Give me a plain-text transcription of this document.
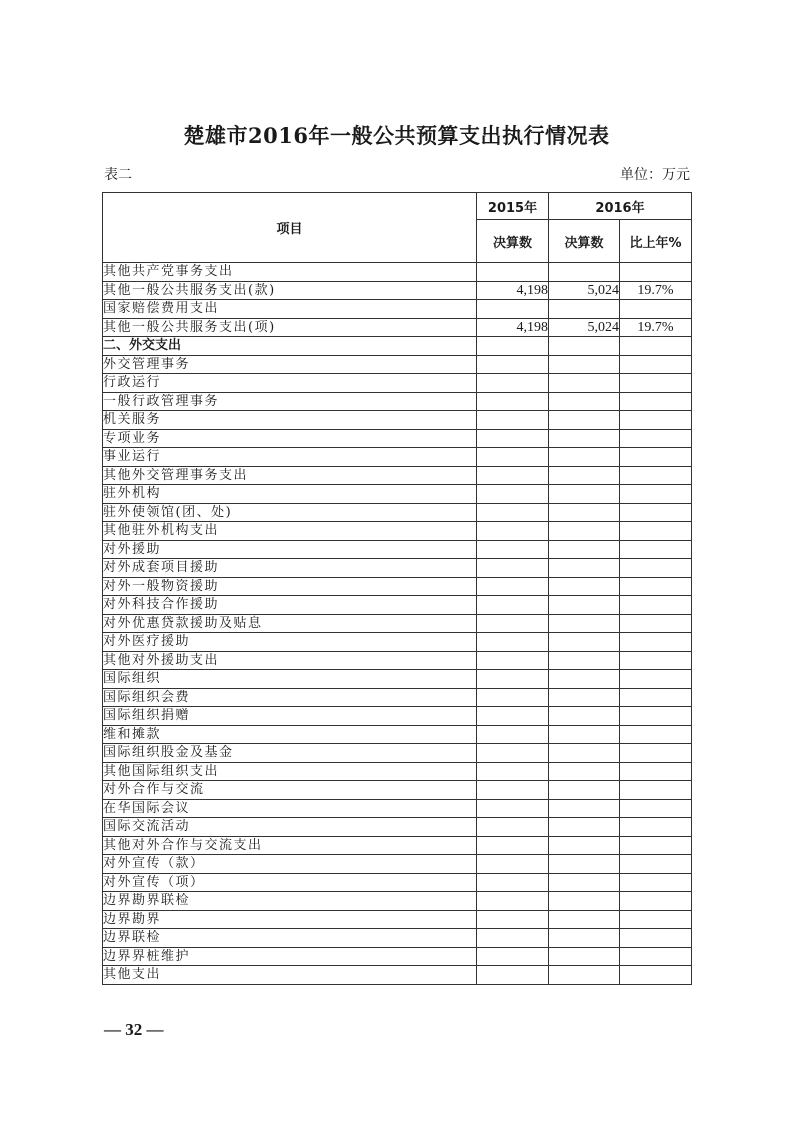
楚雄市2016年一般公共预算支出执行情况表
表二	单位：万元
项目	2015年	2016年	
	决算数	决算数	比上年%
其他共产党事务支出			
其他一般公共服务支出(款)	4,198	5,024	19.7%
国家赔偿费用支出			
其他一般公共服务支出(项)	4,198	5,024	19.7%
二、外交支出			
外交管理事务			
行政运行			
一般行政管理事务			
机关服务			
专项业务			
事业运行			
其他外交管理事务支出			
驻外机构			
驻外使领馆(团、处)			
其他驻外机构支出			
对外援助			
对外成套项目援助			
对外一般物资援助			
对外科技合作援助			
对外优惠贷款援助及贴息			
对外医疗援助			
其他对外援助支出			
国际组织			
国际组织会费			
国际组织捐赠			
维和摊款			
国际组织股金及基金			
其他国际组织支出			
对外合作与交流			
在华国际会议			
国际交流活动			
其他对外合作与交流支出			
对外宣传（款）			
对外宣传（项）			
边界勘界联检			
边界勘界			
边界联检			
边界界桩维护			
其他支出			
— 32 —
